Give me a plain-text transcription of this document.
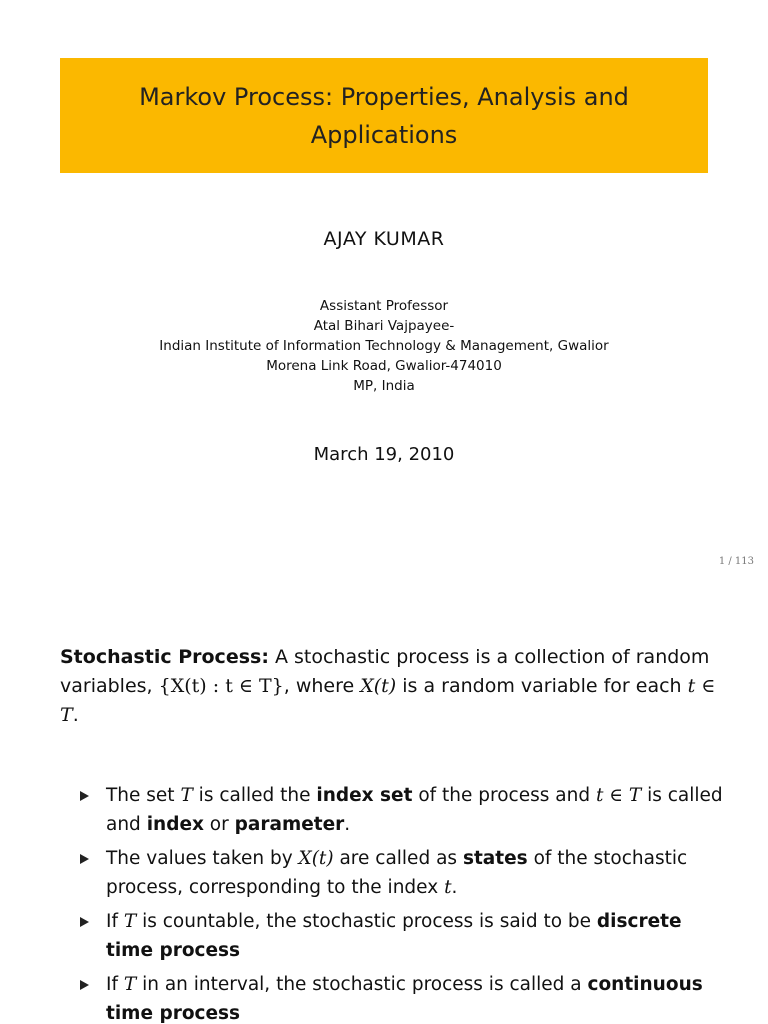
Markov Process: Properties, Analysis and Applications
AJAY KUMAR
Assistant Professor
Atal Bihari Vajpayee-
Indian Institute of Information Technology & Management, Gwalior
Morena Link Road, Gwalior-474010
MP, India
March 19, 2010
1 / 113
Stochastic Process: A stochastic process is a collection of random variables, {X(t) : t ∈ T}, where X(t) is a random variable for each t ∈ T.
The set T is called the index set of the process and t ∈ T is called and index or parameter.
The values taken by X(t) are called as states of the stochastic process, corresponding to the index t.
If T is countable, the stochastic process is said to be discrete time process
If T in an interval, the stochastic process is called a continuous time process
